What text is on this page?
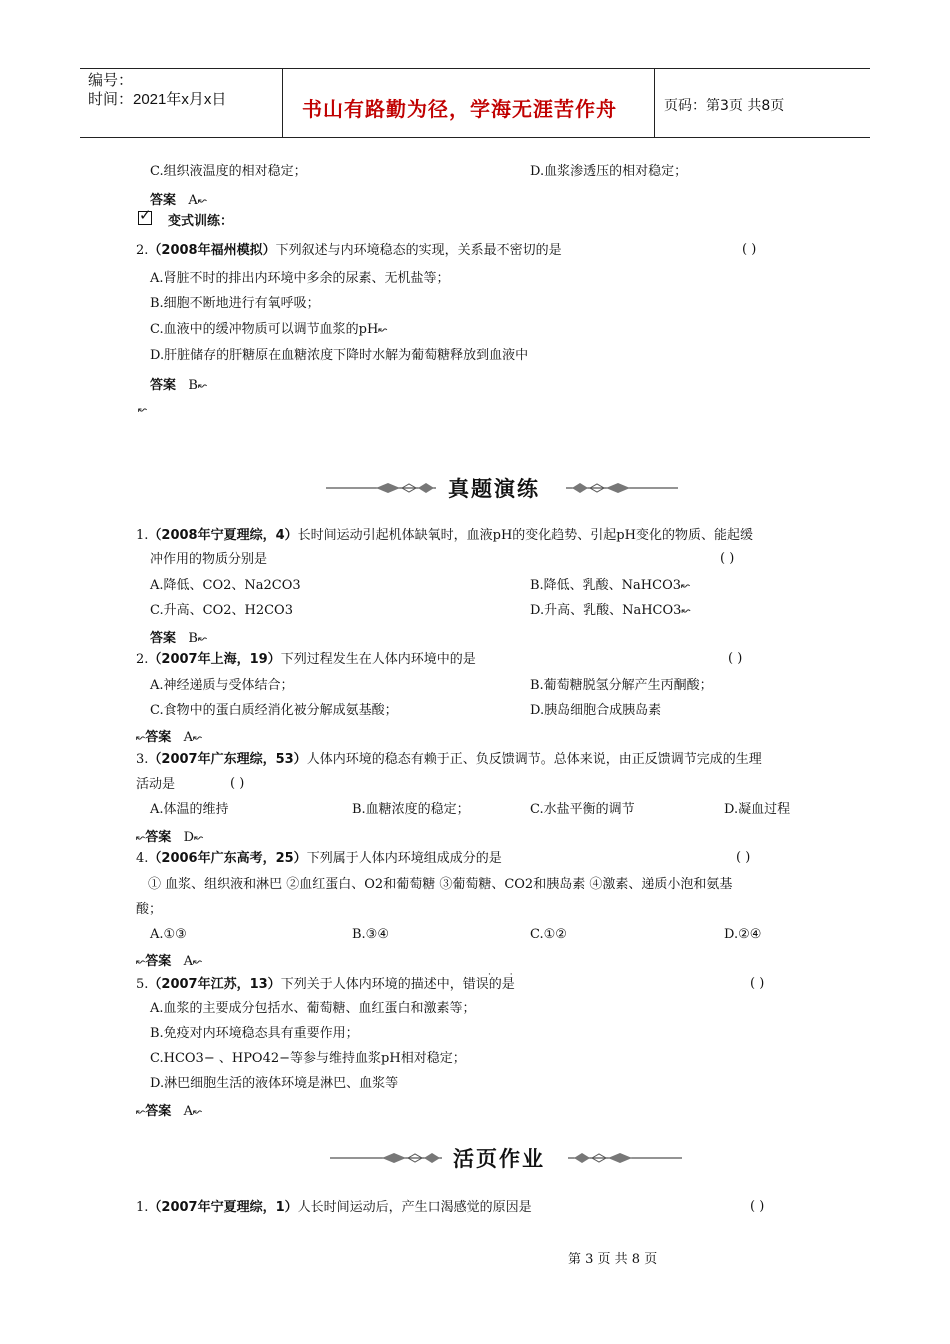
编号：
时间：2021年x月x日	书山有路勤为径，学海无涯苦作舟	页码：第3页 共8页
C.组织液温度的相对稳定；	D.血浆渗透压的相对稳定；
答案 A↜
✓ 变式训练：
2.（2008年福州模拟）下列叙述与内环境稳态的实现，关系最不密切的是	( )
A.肾脏不时的排出内环境中多余的尿素、无机盐等；
B.细胞不断地进行有氧呼吸；
C.血液中的缓冲物质可以调节血浆的pH↜
D.肝脏储存的肝糖原在血糖浓度下降时水解为葡萄糖释放到血液中
答案 B↜
↜
真题演练
1.（2008年宁夏理综，4）长时间运动引起机体缺氧时，血液pH的变化趋势、引起pH变化的物质、能起缓
冲作用的物质分别是	( )
A.降低、CO2、Na2CO3	B.降低、乳酸、NaHCO3↜
C.升高、CO2、H2CO3	D.升高、乳酸、NaHCO3↜
答案 B↜
2.（2007年上海，19）下列过程发生在人体内环境中的是	( )
A.神经递质与受体结合；	B.葡萄糖脱氢分解产生丙酮酸；
C.食物中的蛋白质经消化被分解成氨基酸；	D.胰岛细胞合成胰岛素
↜答案 A↜
3.（2007年广东理综，53）人体内环境的稳态有赖于正、负反馈调节。总体来说，由正反馈调节完成的生理
活动是	( )
A.体温的维持	B.血糖浓度的稳定；	C.水盐平衡的调节	D.凝血过程
↜答案 D↜
4.（2006年广东高考，25）下列属于人体内环境组成成分的是	( )
① 血浆、组织液和淋巴 ②血红蛋白、O2和葡萄糖 ③葡萄糖、CO2和胰岛素 ④激素、递质小泡和氨基
酸；
A.①③	B.③④	C.①②	D.②④
↜答案 A↜
· ·
5.（2007年江苏，13）下列关于人体内环境的描述中，错误的是	( )
A.血浆的主要成分包括水、葡萄糖、血红蛋白和激素等；
B.免疫对内环境稳态具有重要作用；
C.HCO3− 、HPO42−等参与维持血浆pH相对稳定；
D.淋巴细胞生活的液体环境是淋巴、血浆等
↜答案 A↜
活页作业
1.（2007年宁夏理综，1）人长时间运动后，产生口渴感觉的原因是	( )
第 3 页 共 8 页
